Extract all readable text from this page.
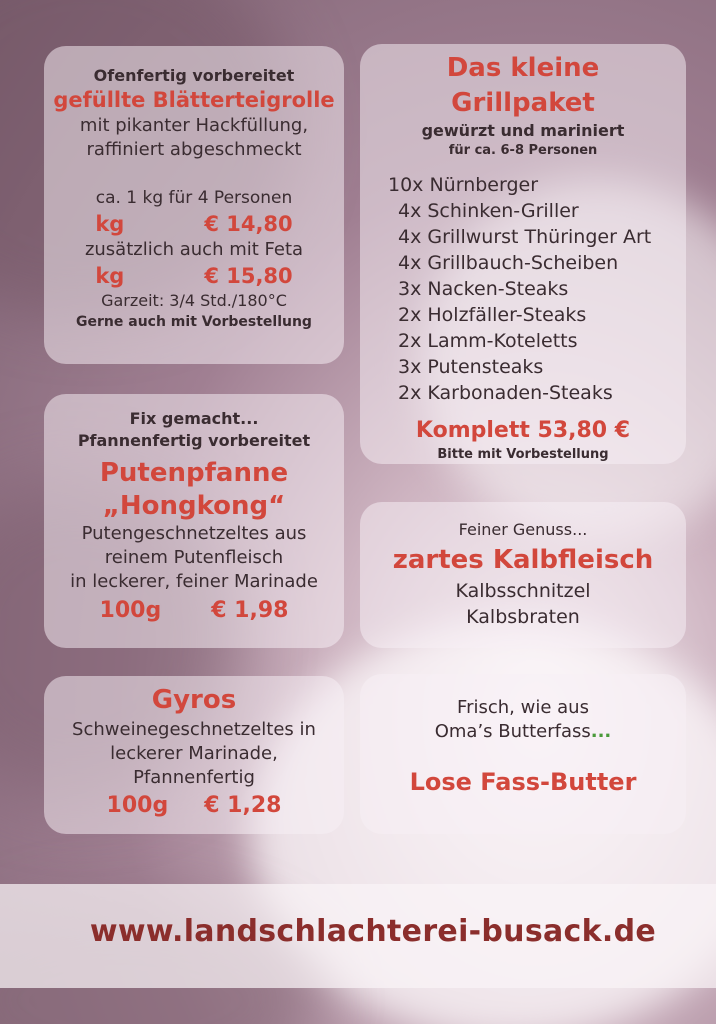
Ofenfertig vorbereitet
gefüllte Blätterteigrolle
mit pikanter Hackfüllung,
raffiniert abgeschmeckt
ca. 1 kg für 4 Personen
kg	€ 14,80
zusätzlich auch mit Feta
kg	€ 15,80
Garzeit: 3/4 Std./180°C
Gerne auch mit Vorbestellung
Das kleine
Grillpaket
gewürzt und mariniert
für ca. 6-8 Personen
10x Nürnberger
4x Schinken-Griller
4x Grillwurst Thüringer Art
4x Grillbauch-Scheiben
3x Nacken-Steaks
2x Holzfäller-Steaks
2x Lamm-Koteletts
3x Putensteaks
2x Karbonaden-Steaks
Komplett 53,80 €
Bitte mit Vorbestellung
Fix gemacht...
Pfannenfertig vorbereitet
Putenpfanne
„Hongkong“
Putengeschnetzeltes aus
reinem Putenfleisch
in leckerer, feiner Marinade
100g € 1,98
Feiner Genuss...
zartes Kalbfleisch
Kalbsschnitzel
Kalbsbraten
Gyros
Schweinegeschnetzeltes in
leckerer Marinade,
Pfannenfertig
100g € 1,28
Frisch, wie aus
Oma’s Butterfass...
Lose Fass-Butter
www.landschlachterei-busack.de
